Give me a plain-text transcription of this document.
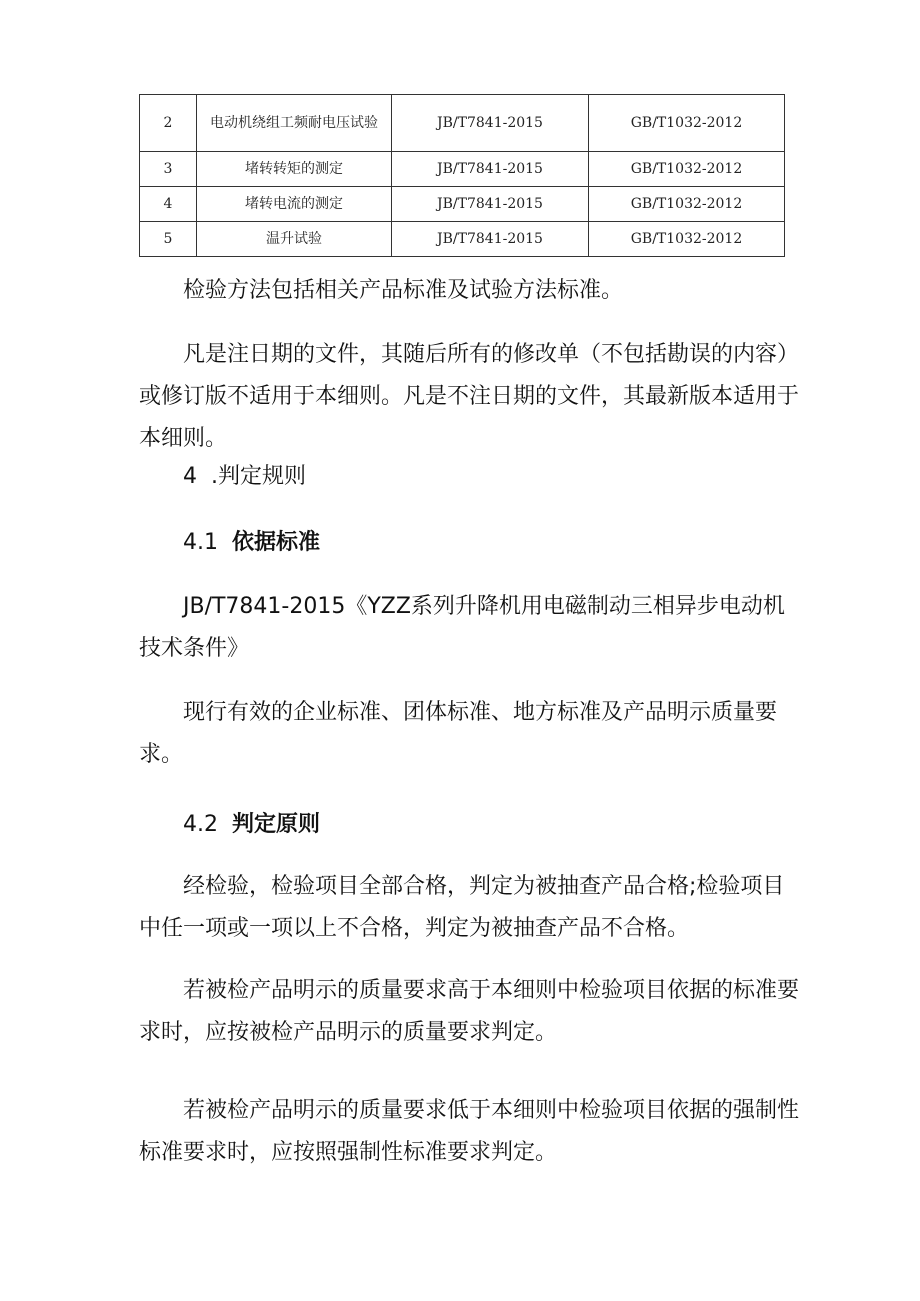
2	电动机绕组工频耐电压试验	JB/T7841-2015	GB/T1032-2012
3	堵转转矩的测定	JB/T7841-2015	GB/T1032-2012
4	堵转电流的测定	JB/T7841-2015	GB/T1032-2012
5	温升试验	JB/T7841-2015	GB/T1032-2012

检验方法包括相关产品标准及试验方法标准。

凡是注日期的文件，其随后所有的修改单（不包括勘误的内容）或修订版不适用于本细则。凡是不注日期的文件，其最新版本适用于本细则。

4 .判定规则

4.1 依据标准

JB/T7841-2015《YZZ系列升降机用电磁制动三相异步电动机技术条件》

现行有效的企业标准、团体标准、地方标准及产品明示质量要求。

4.2 判定原则

经检验，检验项目全部合格，判定为被抽查产品合格;检验项目中任一项或一项以上不合格，判定为被抽查产品不合格。

若被检产品明示的质量要求高于本细则中检验项目依据的标准要求时，应按被检产品明示的质量要求判定。

若被检产品明示的质量要求低于本细则中检验项目依据的强制性标准要求时，应按照强制性标准要求判定。
